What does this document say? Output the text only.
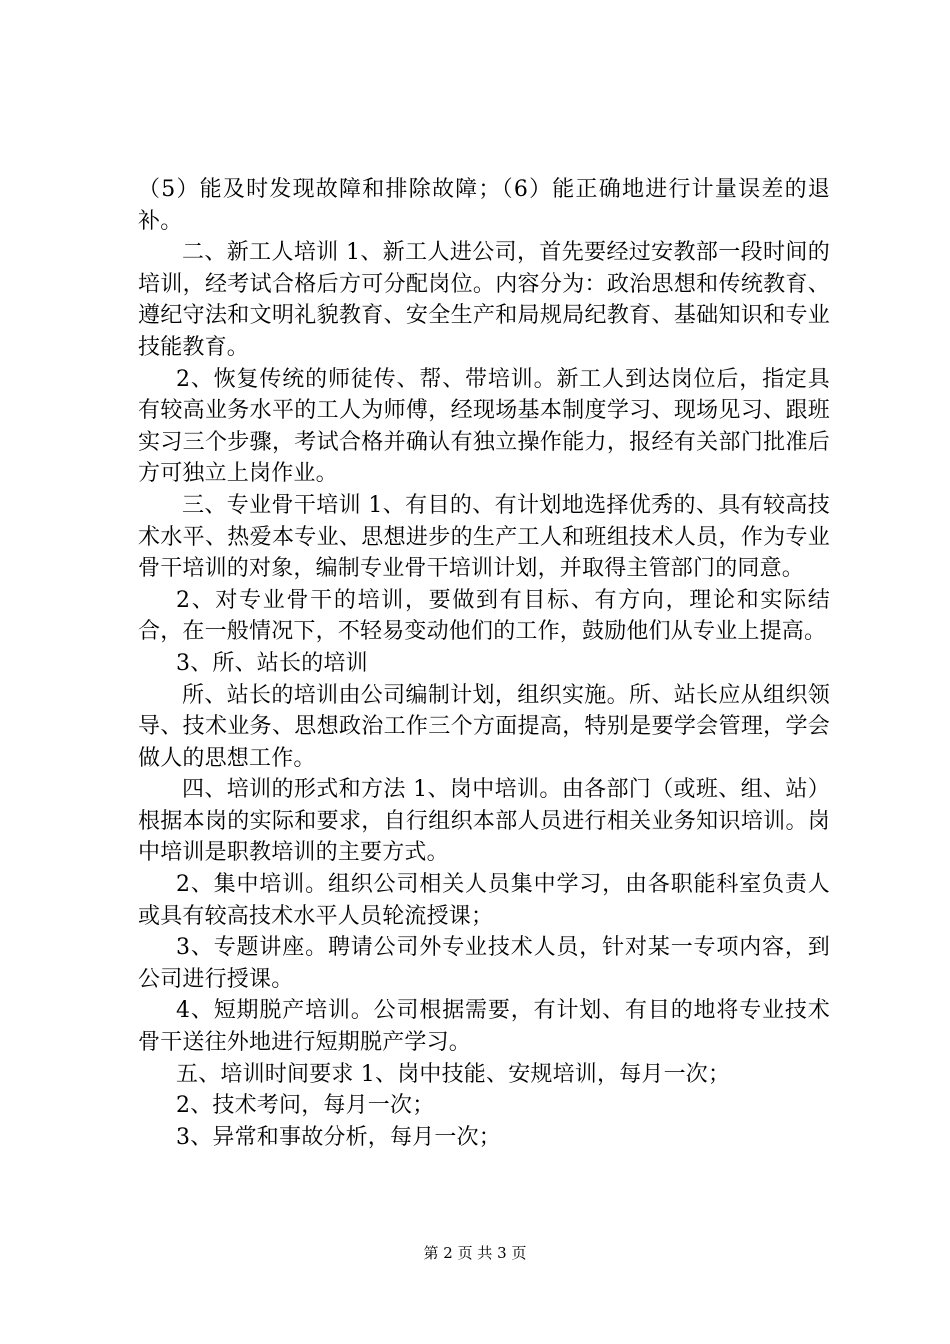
（5）能及时发现故障和排除故障；（6）能正确地进行计量误差的退补。

二、新工人培训 1、新工人进公司，首先要经过安教部一段时间的培训，经考试合格后方可分配岗位。内容分为：政治思想和传统教育、遵纪守法和文明礼貌教育、安全生产和局规局纪教育、基础知识和专业技能教育。

2、恢复传统的师徒传、帮、带培训。新工人到达岗位后，指定具有较高业务水平的工人为师傅，经现场基本制度学习、现场见习、跟班实习三个步骤，考试合格并确认有独立操作能力，报经有关部门批准后方可独立上岗作业。

三、专业骨干培训 1、有目的、有计划地选择优秀的、具有较高技术水平、热爱本专业、思想进步的生产工人和班组技术人员，作为专业骨干培训的对象，编制专业骨干培训计划，并取得主管部门的同意。

2、对专业骨干的培训，要做到有目标、有方向，理论和实际结合，在一般情况下，不轻易变动他们的工作，鼓励他们从专业上提高。

3、所、站长的培训

所、站长的培训由公司编制计划，组织实施。所、站长应从组织领导、技术业务、思想政治工作三个方面提高，特别是要学会管理，学会做人的思想工作。

四、培训的形式和方法 1、岗中培训。由各部门（或班、组、站）根据本岗的实际和要求，自行组织本部人员进行相关业务知识培训。岗中培训是职教培训的主要方式。

2、集中培训。组织公司相关人员集中学习，由各职能科室负责人或具有较高技术水平人员轮流授课；

3、专题讲座。聘请公司外专业技术人员，针对某一专项内容，到公司进行授课。

4、短期脱产培训。公司根据需要，有计划、有目的地将专业技术骨干送往外地进行短期脱产学习。

五、培训时间要求 1、岗中技能、安规培训，每月一次；

2、技术考问，每月一次；

3、异常和事故分析，每月一次；

第 2 页 共 3 页
